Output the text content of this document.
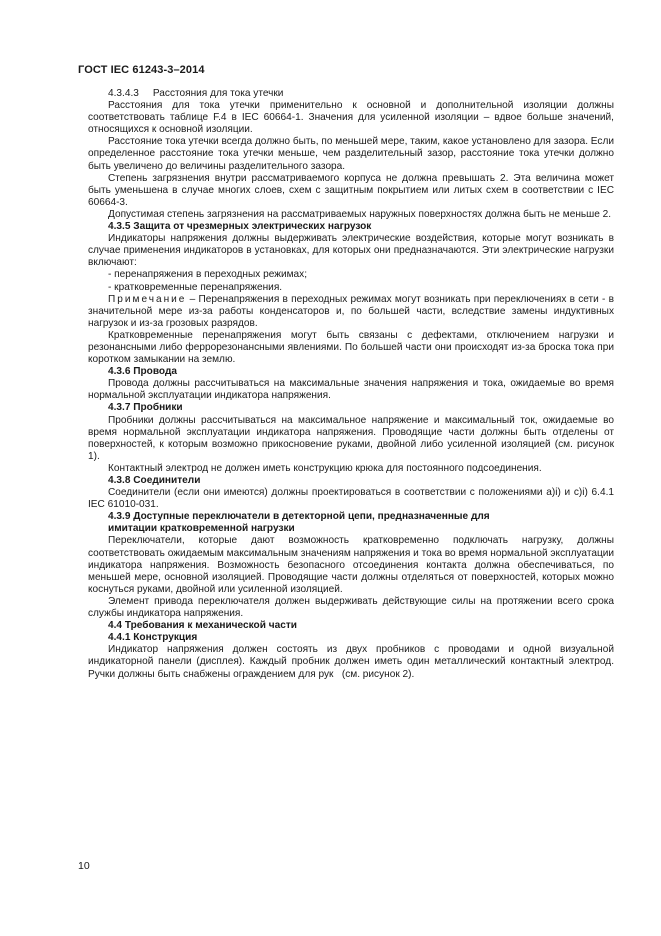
ГОСТ IEC 61243-3–2014

4.3.4.3     Расстояния для тока утечки

Расстояния для тока утечки применительно к основной и дополнительной изоляции должны соответствовать таблице F.4 в IEC 60664-1. Значения для усиленной изоляции – вдвое больше значений, относящихся к основной изоляции.

Расстояние тока утечки всегда должно быть, по меньшей мере, таким, какое установлено для зазора. Если определенное расстояние тока утечки меньше, чем разделительный зазор, расстояние тока утечки должно быть увеличено до величины разделительного зазора.

Степень загрязнения внутри рассматриваемого корпуса не должна превышать 2. Эта величина может быть уменьшена в случае многих слоев, схем с защитным покрытием или литых схем в соответствии с IEC 60664-3.

Допустимая степень загрязнения на рассматриваемых наружных поверхностях должна быть не меньше 2.

4.3.5 Защита от чрезмерных электрических нагрузок

Индикаторы напряжения должны выдерживать электрические воздействия, которые могут возникать в случае применения индикаторов в установках, для которых они предназначаются. Эти электрические нагрузки включают:

- перенапряжения в переходных режимах;

- кратковременные перенапряжения.

Примечание – Перенапряжения в переходных режимах могут возникать при переключениях в сети - в значительной мере из-за работы конденсаторов и, по большей части, вследствие замены индуктивных нагрузок и из-за грозовых разрядов.

Кратковременные перенапряжения могут быть связаны с дефектами, отключением нагрузки и резонансными либо феррорезонансными явлениями. По большей части они происходят из-за броска тока при коротком замыкании на землю.

4.3.6 Провода

Провода должны рассчитываться на максимальные значения напряжения и тока, ожидаемые во время нормальной эксплуатации индикатора напряжения.

4.3.7 Пробники

Пробники должны рассчитываться на максимальное напряжение и максимальный ток, ожидаемые во время нормальной эксплуатации индикатора напряжения. Проводящие части должны быть отделены от поверхностей, к которым возможно прикосновение руками, двойной либо усиленной изоляцией (см. рисунок 1).

Контактный электрод не должен иметь конструкцию крюка для постоянного подсоединения.

4.3.8 Соединители

Соединители (если они имеются) должны проектироваться в соответствии с положениями а)i) и с)i) 6.4.1 IEC 61010-031.

4.3.9 Доступные переключатели в детекторной цепи, предназначенные для

имитации кратковременной нагрузки

Переключатели, которые дают возможность кратковременно подключать нагрузку, должны соответствовать ожидаемым максимальным значениям напряжения и тока во время нормальной эксплуатации индикатора напряжения. Возможность безопасного отсоединения контакта должна обеспечиваться, по меньшей мере, основной изоляцией. Проводящие части должны отделяться от поверхностей, которых можно коснуться руками, двойной или усиленной изоляцией.

Элемент привода переключателя должен выдерживать действующие силы на протяжении всего срока службы индикатора напряжения.

4.4 Требования к механической части

4.4.1 Конструкция

Индикатор напряжения должен состоять из двух пробников с проводами и одной визуальной индикаторной панели (дисплея). Каждый пробник должен иметь один металлический контактный электрод. Ручки должны быть снабжены ограждением для рук   (см. рисунок 2).

10
